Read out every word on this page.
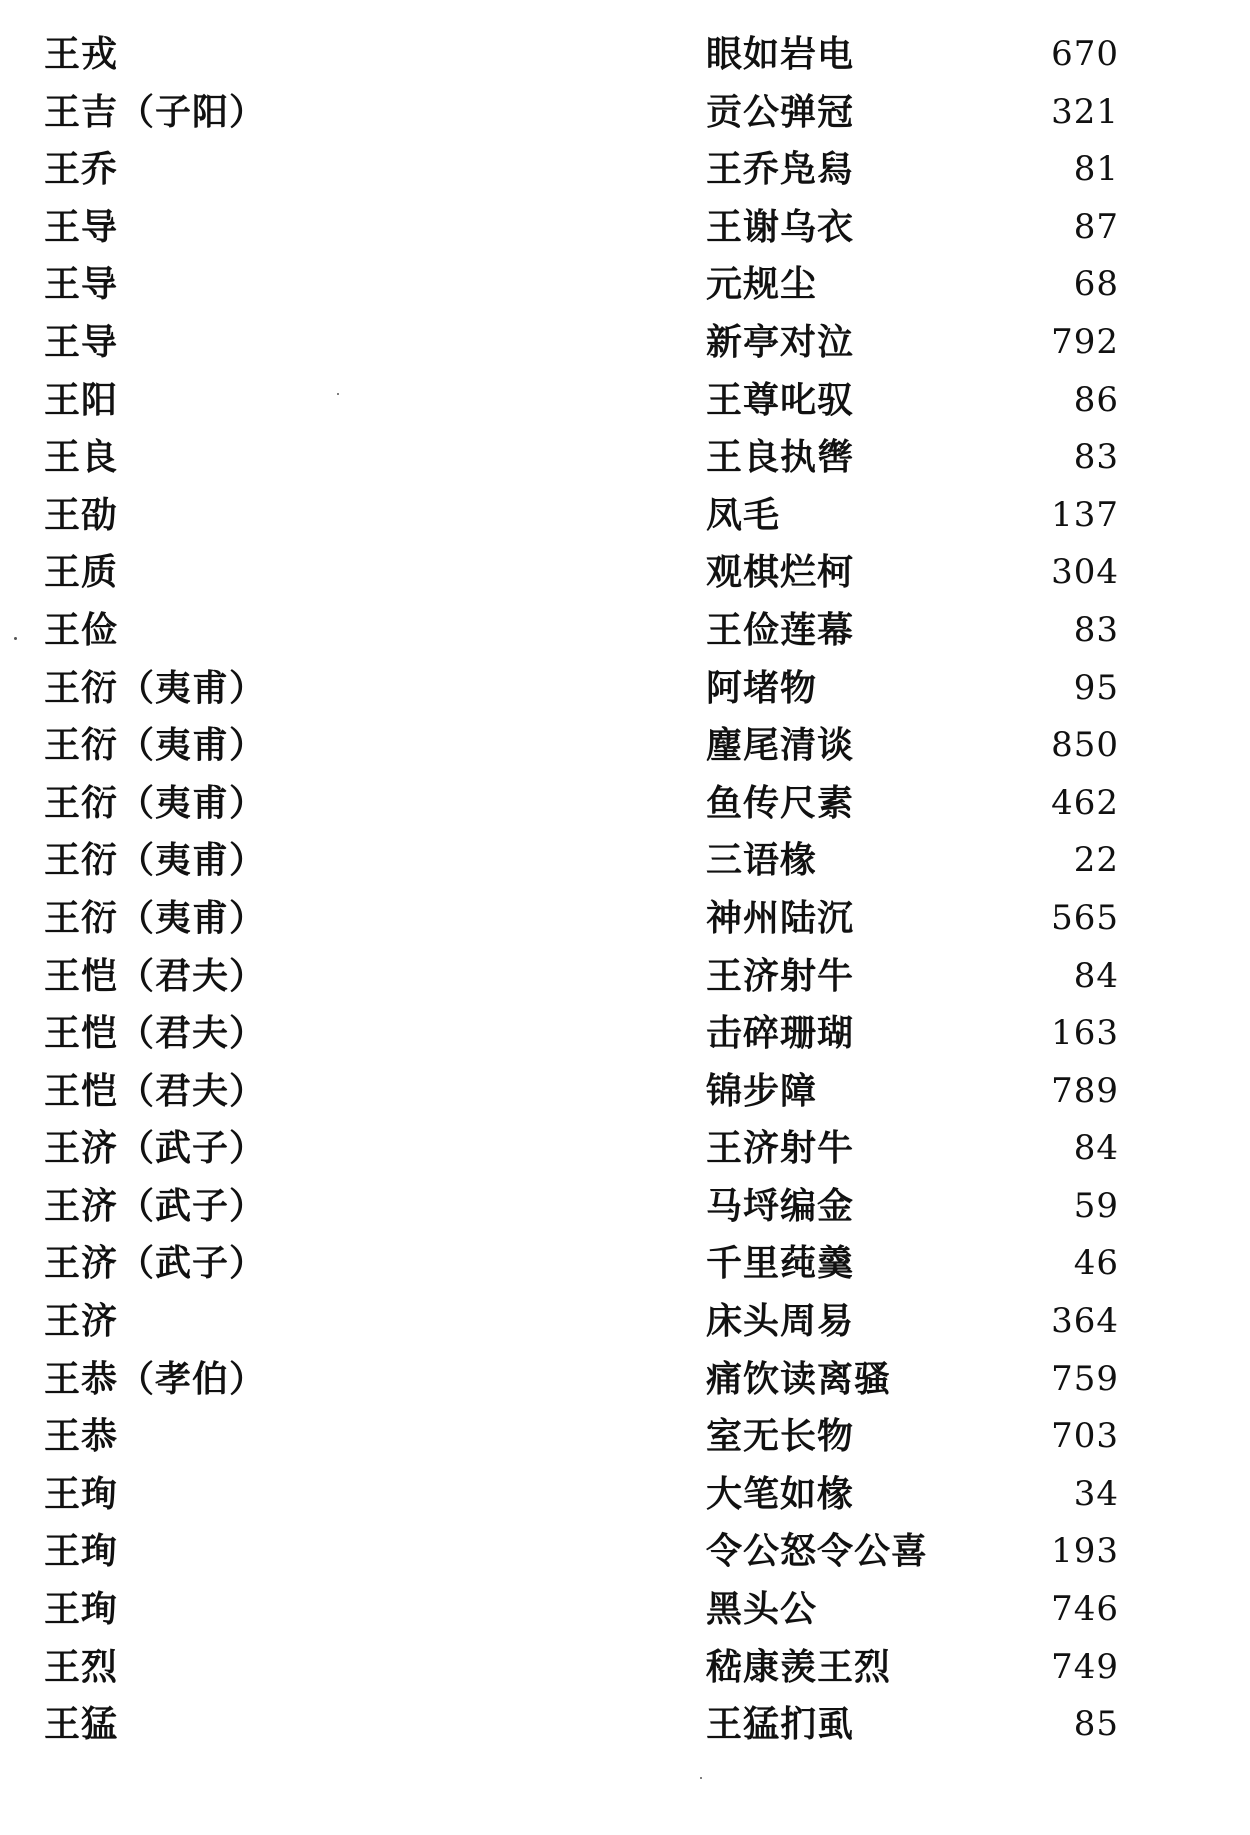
王戎	眼如岩电	670
王吉（子阳）	贡公弹冠	321
王乔	王乔凫舄	81
王导	王谢乌衣	87
王导	元规尘	68
王导	新亭对泣	792
王阳	王尊叱驭	86
王良	王良执辔	83
王劭	凤毛	137
王质	观棋烂柯	304
王俭	王俭莲幕	83
王衍（夷甫）	阿堵物	95
王衍（夷甫）	麈尾清谈	850
王衍（夷甫）	鱼传尺素	462
王衍（夷甫）	三语椽	22
王衍（夷甫）	神州陆沉	565
王恺（君夫）	王济射牛	84
王恺（君夫）	击碎珊瑚	163
王恺（君夫）	锦步障	789
王济（武子）	王济射牛	84
王济（武子）	马埒编金	59
王济（武子）	千里莼羹	46
王济	床头周易	364
王恭（孝伯）	痛饮读离骚	759
王恭	室无长物	703
王珣	大笔如椽	34
王珣	令公怒令公喜	193
王珣	黑头公	746
王烈	嵇康羡王烈	749
王猛	王猛扪虱	85
